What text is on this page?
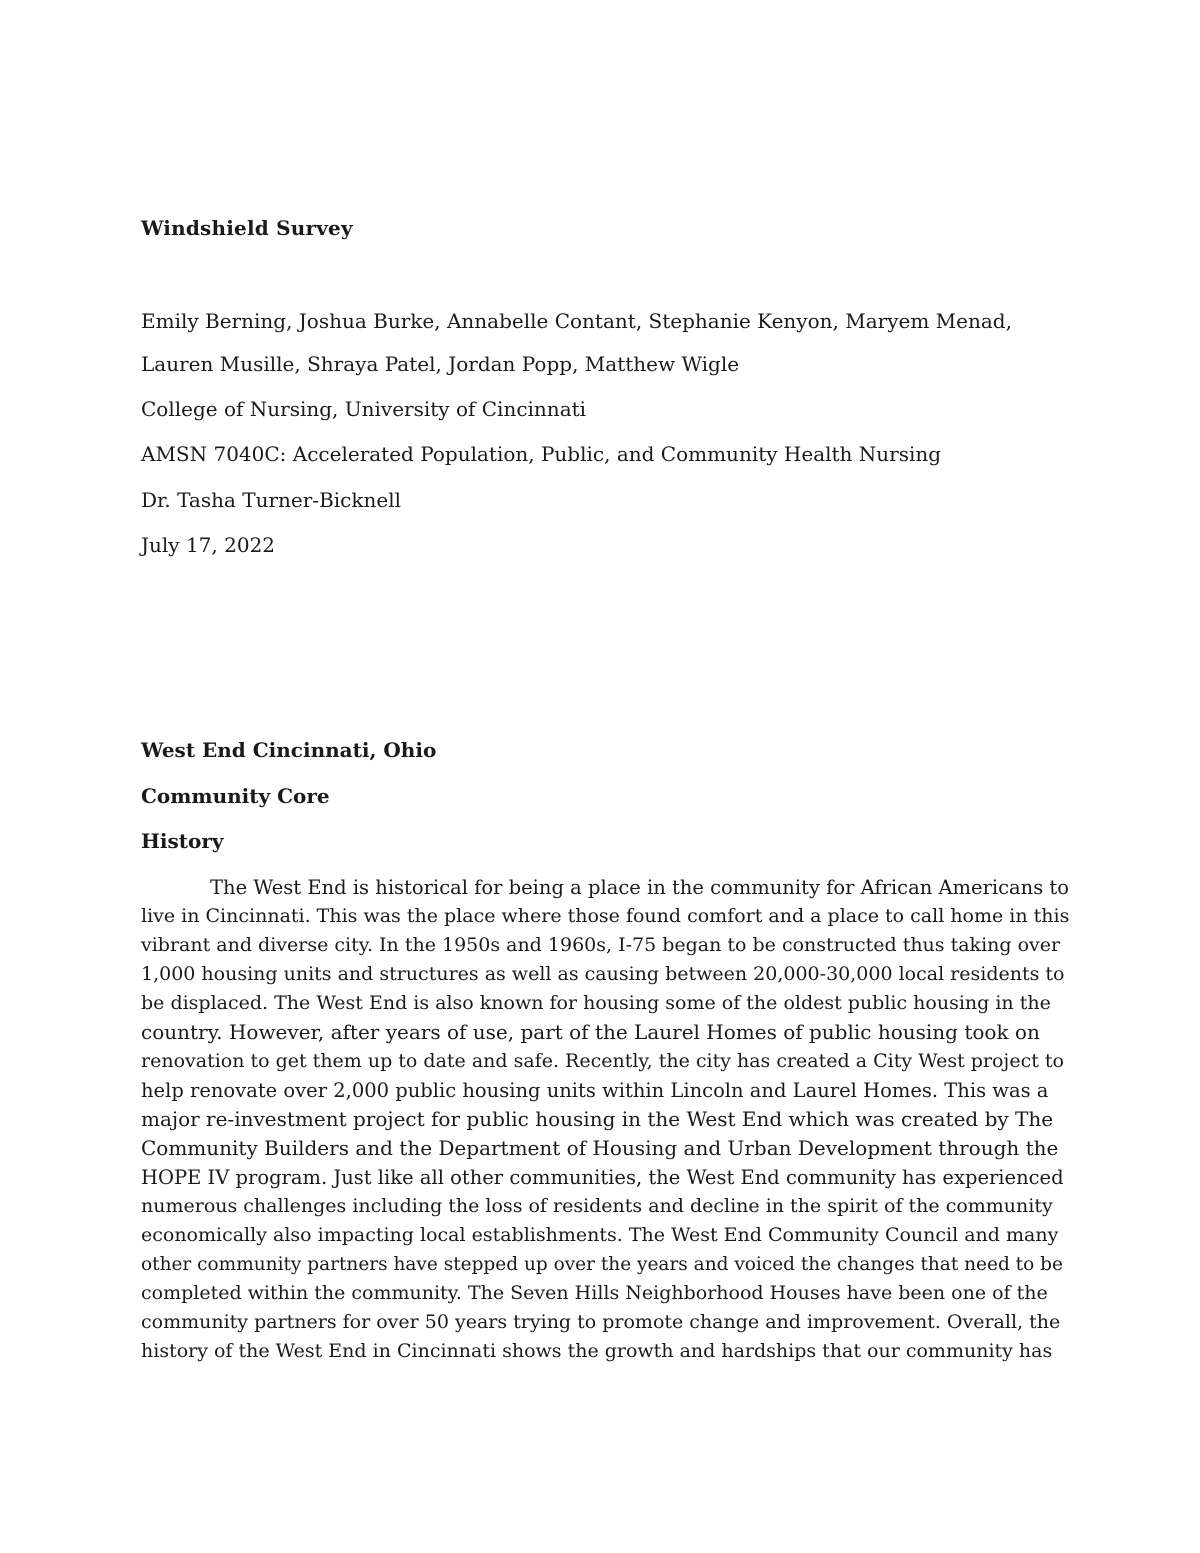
Windshield Survey
Emily Berning, Joshua Burke, Annabelle Contant, Stephanie Kenyon, Maryem Menad,
Lauren Musille, Shraya Patel, Jordan Popp, Matthew Wigle
College of Nursing, University of Cincinnati
AMSN 7040C: Accelerated Population, Public, and Community Health Nursing
Dr. Tasha Turner-Bicknell
July 17, 2022
West End Cincinnati, Ohio
Community Core
History
The West End is historical for being a place in the community for African Americans to
live in Cincinnati. This was the place where those found comfort and a place to call home in this
vibrant and diverse city. In the 1950s and 1960s, I-75 began to be constructed thus taking over
1,000 housing units and structures as well as causing between 20,000-30,000 local residents to
be displaced. The West End is also known for housing some of the oldest public housing in the
country. However, after years of use, part of the Laurel Homes of public housing took on
renovation to get them up to date and safe. Recently, the city has created a City West project to
help renovate over 2,000 public housing units within Lincoln and Laurel Homes. This was a
major re-investment project for public housing in the West End which was created by The
Community Builders and the Department of Housing and Urban Development through the
HOPE IV program. Just like all other communities, the West End community has experienced
numerous challenges including the loss of residents and decline in the spirit of the community
economically also impacting local establishments. The West End Community Council and many
other community partners have stepped up over the years and voiced the changes that need to be
completed within the community. The Seven Hills Neighborhood Houses have been one of the
community partners for over 50 years trying to promote change and improvement. Overall, the
history of the West End in Cincinnati shows the growth and hardships that our community has
